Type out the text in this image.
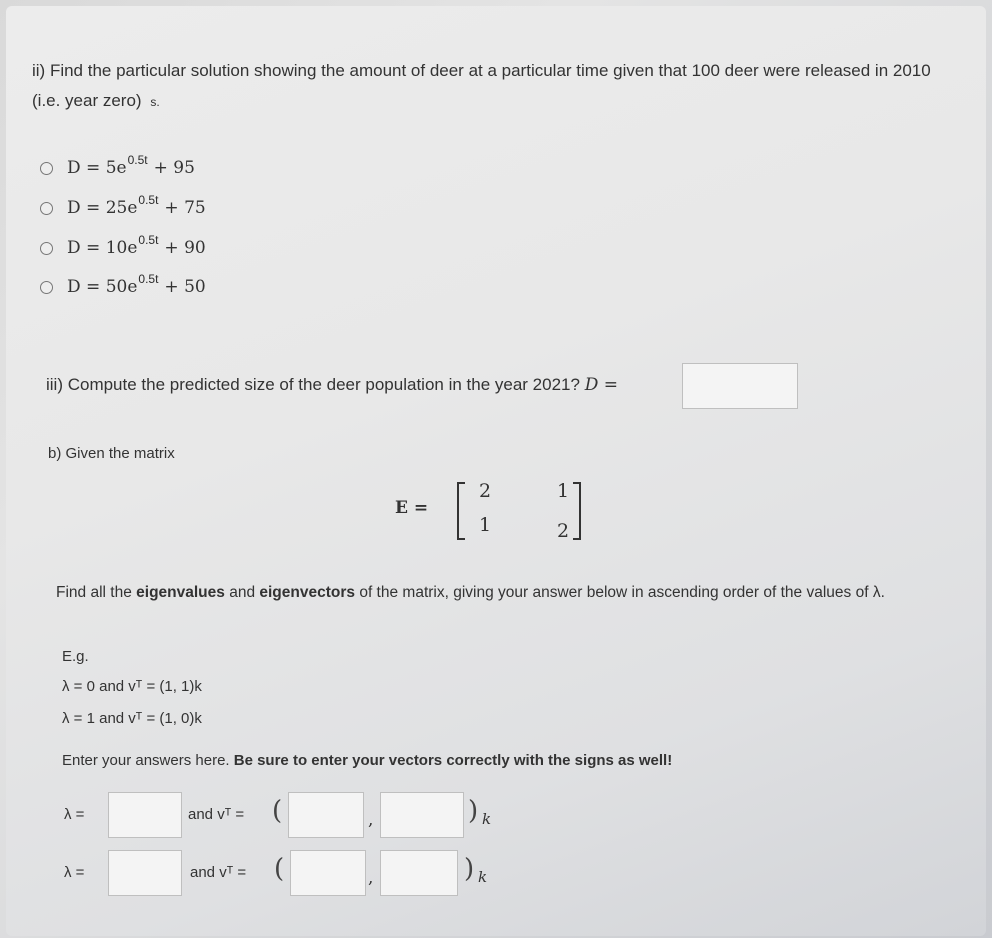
ii) Find the particular solution showing the amount of deer at a particular time given that 100 deer were released in 2010 (i.e. year zero) s.
D = 5e 0.5t + 95
D = 25e 0.5t + 75
D = 10e 0.5t + 90
D = 50e 0.5t + 50
iii) Compute the predicted size of the deer population in the year 2021? D =
b) Given the matrix
E =
2	1
1	2
Find all the eigenvalues and eigenvectors of the matrix, giving your answer below in ascending order of the values of λ.
E.g.
λ = 0 and vᵀ = (1, 1)k
λ = 1 and vᵀ = (1, 0)k
Enter your answers here. Be sure to enter your vectors correctly with the signs as well!
λ =	and vᵀ = (	,	) k
λ =	and vᵀ = (	,	) k
